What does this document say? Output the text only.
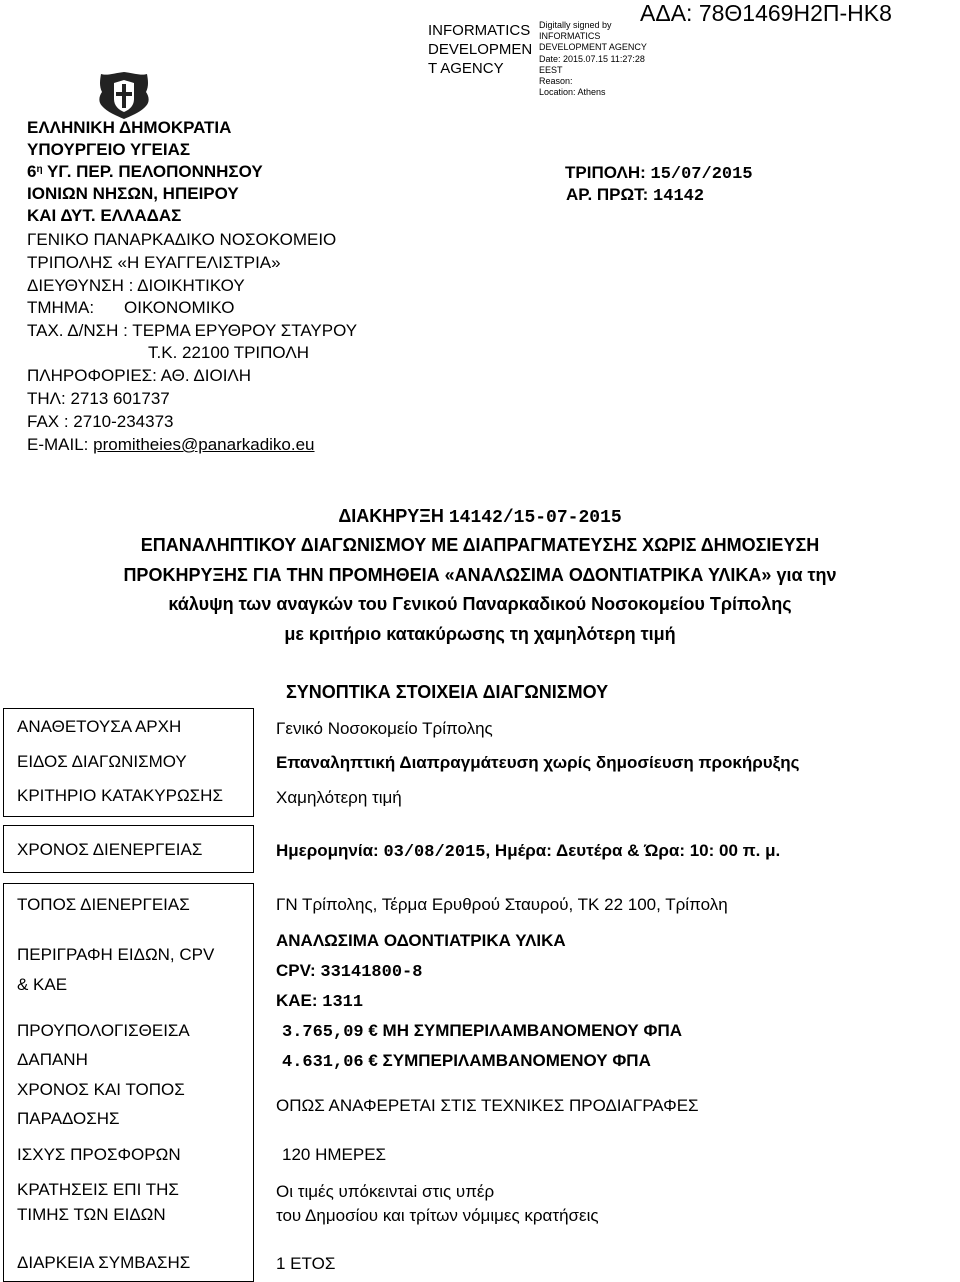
ΑΔΑ: 78Θ1469Η2Π-ΗΚ8
INFORMATICS DEVELOPMEN T AGENCY
Digitally signed by
INFORMATICS
DEVELOPMENT AGENCY
Date: 2015.07.15 11:27:28
EEST
Reason:
Location: Athens
ΕΛΛΗΝΙΚΗ ΔΗΜΟΚΡΑΤΙΑ
ΥΠΟΥΡΓΕΙΟ ΥΓΕΙΑΣ
$6^\eta$ ΥΓ. ΠΕΡ. ΠΕΛΟΠΟΝΝΗΣΟΥ
ΙΟΝΙΩΝ ΝΗΣΩΝ, ΗΠΕΙΡΟΥ
ΚΑΙ ΔΥΤ. ΕΛΛΑΔΑΣ
ΓΕΝΙΚΟ ΠΑΝΑΡΚΑΔΙΚΟ ΝΟΣΟΚΟΜΕΙΟ
ΤΡΙΠΟΛΗΣ «Η ΕΥΑΓΓΕΛΙΣΤΡΙΑ»
ΔΙΕΥΘΥΝΣΗ : ΔΙΟΙΚΗΤΙΚΟΥ
ΤΜΗΜΑ: ΟΙΚΟΝΟΜΙΚΟ
ΤΑΧ. Δ/ΝΣΗ : ΤΕΡΜΑ ΕΡΥΘΡΟΥ ΣΤΑΥΡΟΥ
Τ.Κ. 22100 ΤΡΙΠΟΛΗ
ΠΛΗΡΟΦΟΡΙΕΣ: ΑΘ. ΔΙΟΙΛΗ
ΤΗΛ: 2713 601737
FAX : 2710-234373
E-MAIL: promitheies@panarkadiko.eu
ΤΡΙΠΟΛΗ: 15/07/2015
ΑΡ. ΠΡΩΤ: 14142
ΔΙΑΚΗΡΥΞΗ 14142/15-07-2015
ΕΠΑΝΑΛΗΠΤΙΚΟΥ ΔΙΑΓΩΝΙΣΜΟΥ ΜΕ ΔΙΑΠΡΑΓΜΑΤΕΥΣΗΣ ΧΩΡΙΣ ΔΗΜΟΣΙΕΥΣΗ
ΠΡΟΚΗΡΥΞΗΣ ΓΙΑ ΤΗΝ ΠΡΟΜΗΘΕΙΑ «ΑΝΑΛΩΣΙΜΑ ΟΔΟΝΤΙΑΤΡΙΚΑ ΥΛΙΚΑ» για την
κάλυψη των αναγκών του Γενικού Παναρκαδικού Νοσοκομείου Τρίπολης
με κριτήριο κατακύρωσης τη χαμηλότερη τιμή
ΣΥΝΟΠΤΙΚΑ ΣΤΟΙΧΕΙΑ ΔΙΑΓΩΝΙΣΜΟΥ
ΑΝΑΘΕΤΟΥΣΑ ΑΡΧΗ
ΕΙΔΟΣ ΔΙΑΓΩΝΙΣΜΟΥ
ΚΡΙΤΗΡΙΟ ΚΑΤΑΚΥΡΩΣΗΣ
ΧΡΟΝΟΣ ΔΙΕΝΕΡΓΕΙΑΣ
ΤΟΠΟΣ ΔΙΕΝΕΡΓΕΙΑΣ
ΠΕΡΙΓΡΑΦΗ ΕΙΔΩΝ, CPV
& ΚΑΕ
ΠΡΟΥΠΟΛΟΓΙΣΘΕΙΣΑ
ΔΑΠΑΝΗ
ΧΡΟΝΟΣ ΚΑΙ ΤΟΠΟΣ
ΠΑΡΑΔΟΣΗΣ
ΙΣΧΥΣ ΠΡΟΣΦΟΡΩΝ
ΚΡΑΤΗΣΕΙΣ ΕΠΙ ΤΗΣ
ΤΙΜΗΣ ΤΩΝ ΕΙΔΩΝ
ΔΙΑΡΚΕΙΑ ΣΥΜΒΑΣΗΣ
Γενικό Νοσοκομείο Τρίπολης
Επαναληπτική Διαπραγμάτευση χωρίς δημοσίευση προκήρυξης
Χαμηλότερη τιμή
Ημερομηνία: 03/08/2015, Ημέρα: Δευτέρα & Ώρα: 10: 00 π. μ.
ΓΝ Τρίπολης, Τέρμα Ερυθρού Σταυρού, ΤΚ 22 100, Τρίπολη
ΑΝΑΛΩΣΙΜΑ ΟΔΟΝΤΙΑΤΡΙΚΑ ΥΛΙΚΑ
CPV: 33141800-8
ΚΑΕ: 1311
3.765,09 € ΜΗ ΣΥΜΠΕΡΙΛΑΜΒΑΝΟΜΕΝΟΥ ΦΠΑ
4.631,06 € ΣΥΜΠΕΡΙΛΑΜΒΑΝΟΜΕΝΟΥ ΦΠΑ
ΟΠΩΣ ΑΝΑΦΕΡΕΤΑΙ ΣΤΙΣ ΤΕΧΝΙΚΕΣ ΠΡΟΔΙΑΓΡΑΦΕΣ
120 ΗΜΕΡΕΣ
Οι τιμές υπόκειντai στις υπέρ
του Δημοσίου και τρίτων νόμιμες κρατήσεις
1 ΕΤΟΣ
